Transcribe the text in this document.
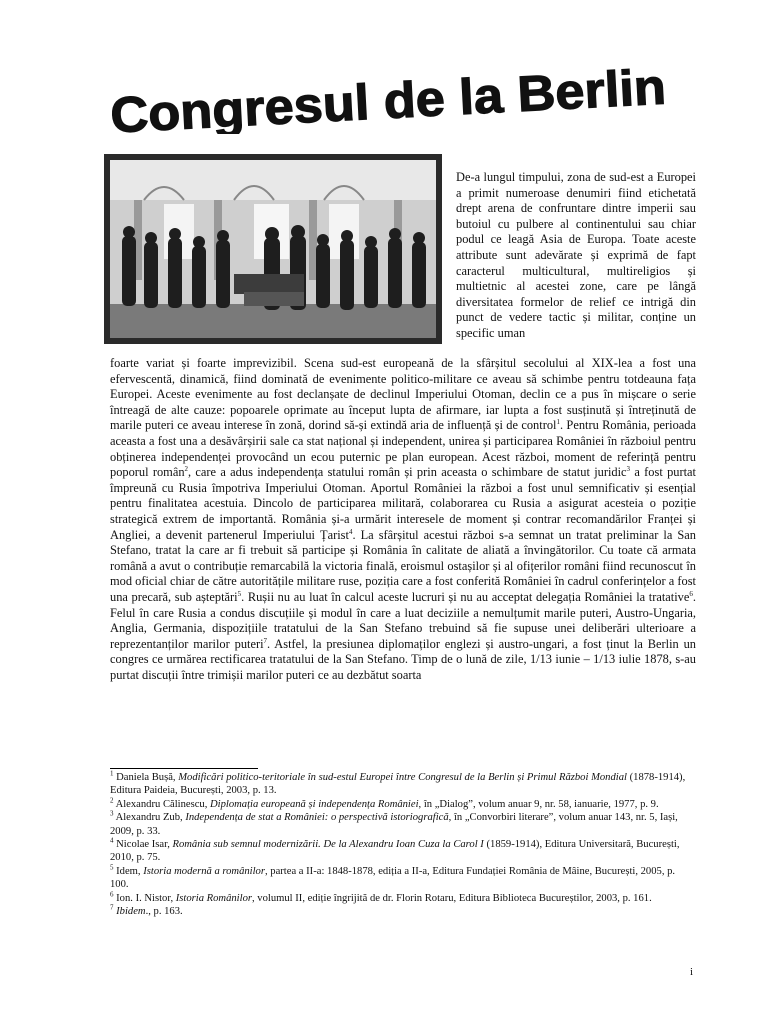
Congresul de la Berlin

De-a lungul timpului, zona de sud-est a Europei a primit numeroase denumiri fiind etichetată drept arena de confruntare dintre imperii sau butoiul cu pulbere al continentului sau chiar podul ce leagă Asia de Europa. Toate aceste attribute sunt adevărate și exprimă de fapt caracterul multicultural, multireligios și multietnic al acestei zone, care pe lângă diversitatea formelor de relief ce intrigă din punct de vedere tactic și militar, conține un specific uman

foarte variat și foarte imprevizibil. Scena sud-est europeană de la sfârșitul secolului al XIX-lea a fost una efervescentă, dinamică, fiind dominată de evenimente politico-militare ce aveau să schimbe pentru totdeauna fața Europei. Aceste evenimente au fost declanșate de declinul Imperiului Otoman, declin ce a pus în mișcare o serie întreagă de alte cauze: popoarele oprimate au început lupta de afirmare, iar lupta a fost susținută și întreținută de marile puteri ce aveau interese în zonă, dorind să-și extindă aria de influență și de control$^1$. Pentru România, perioada aceasta a fost una a desăvârșirii sale ca stat național și independent, unirea și participarea României în războiul pentru obținerea independenței provocând un ecou puternic pe plan european. Acest război, moment de referință pentru poporul român$^2$, care a adus independența statului român și prin aceasta o schimbare de statut juridic$^3$ a fost purtat împreună cu Rusia împotriva Imperiului Otoman. Aportul României la război a fost unul semnificativ și esențial pentru finalitatea acestuia. Dincolo de participarea militară, colaborarea cu Rusia a asigurat acesteia o poziție strategică extrem de importantă. România și-a urmărit interesele de moment și contrar recomandărilor Franței și Angliei, a devenit partenerul Imperiului Țarist$^4$. La sfârșitul acestui război s-a semnat un tratat preliminar la San Stefano, tratat la care ar fi trebuit să participe și România în calitate de aliată a învingătorilor. Cu toate că armata română a avut o contribuție remarcabilă la victoria finală, eroismul ostașilor și al ofițerilor români fiind recunoscut în mod oficial chiar de către autoritățile militare ruse, poziția care a fost conferită României în cadrul conferințelor a fost una precară, sub așteptări$^5$. Rușii nu au luat în calcul aceste lucruri și nu au acceptat delegația României la tratative$^6$. Felul în care Rusia a condus discuțiile și modul în care a luat deciziile a nemulțumit marile puteri, Austro-Ungaria, Anglia, Germania, dispozițiile tratatului de la San Stefano trebuind să fie supuse unei deliberări ulterioare a reprezentanților marilor puteri$^7$. Astfel, la presiunea diplomaților englezi și austro-ungari, a fost ținut la Berlin un congres ce urmărea rectificarea tratatului de la San Stefano. Timp de o lună de zile, 1/13 iunie – 1/13 iulie 1878, s-au purtat discuții între trimișii marilor puteri ce au dezbătut soarta

$^1$ Daniela Bușă, Modificări politico-teritoriale în sud-estul Europei între Congresul de la Berlin și Primul Război Mondial (1878-1914), Editura Paideia, București, 2003, p. 13.

$^2$ Alexandru Călinescu, Diplomația europeană și independența României, în „Dialog”, volum anuar 9, nr. 58, ianuarie, 1977, p. 9.

$^3$ Alexandru Zub, Independența de stat a României: o perspectivă istoriografică, în „Convorbiri literare”, volum anuar 143, nr. 5, Iași, 2009, p. 33.

$^4$ Nicolae Isar, România sub semnul modernizării. De la Alexandru Ioan Cuza la Carol I (1859-1914), Editura Universitară, București, 2010, p. 75.

$^5$ Idem, Istoria modernă a românilor, partea a II-a: 1848-1878, ediția a II-a, Editura Fundației România de Mâine, București, 2005, p. 100.

$^6$ Ion. I. Nistor, Istoria Românilor, volumul II, ediție îngrijită de dr. Florin Rotaru, Editura Biblioteca Bucureștilor, 2003, p. 161.

$^7$ Ibidem., p. 163.

i
